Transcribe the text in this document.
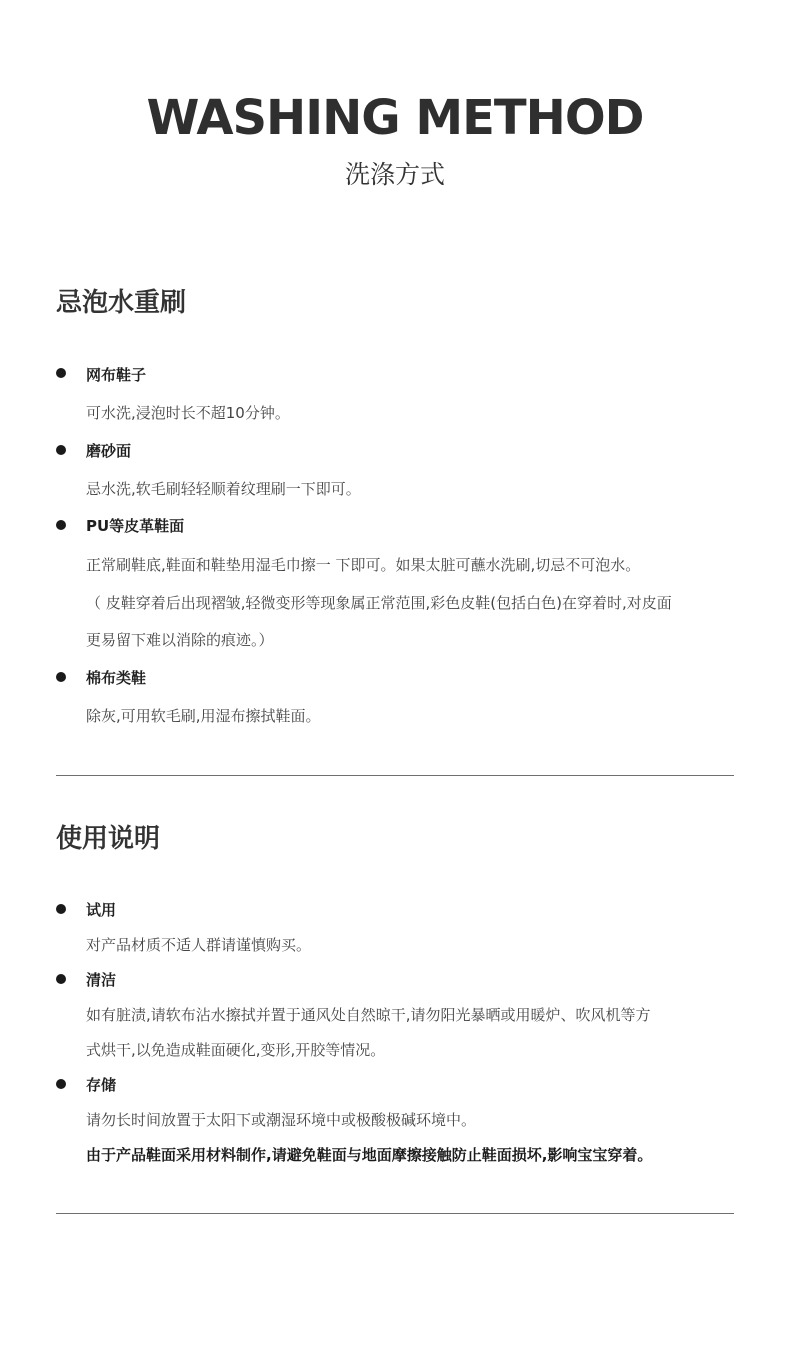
WASHING METHOD
洗涤方式
忌泡水重刷
网布鞋子
可水洗,浸泡时长不超10分钟。
磨砂面
忌水洗,软毛刷轻轻顺着纹理刷一下即可。
PU等皮革鞋面
正常刷鞋底,鞋面和鞋垫用湿毛巾擦一 下即可。如果太脏可蘸水洗刷,切忌不可泡水。
（ 皮鞋穿着后出现褶皱,轻微变形等现象属正常范围,彩色皮鞋(包括白色)在穿着时,对皮面
更易留下难以消除的痕迹。）
棉布类鞋
除灰,可用软毛刷,用湿布擦拭鞋面。
使用说明
试用
对产品材质不适人群请谨慎购买。
清洁
如有脏渍,请软布沾水擦拭并置于通风处自然晾干,请勿阳光暴晒或用暖炉、吹风机等方
式烘干,以免造成鞋面硬化,变形,开胶等情况。
存储
请勿长时间放置于太阳下或潮湿环境中或极酸极碱环境中。
由于产品鞋面采用材料制作,请避免鞋面与地面摩擦接触防止鞋面损坏,影响宝宝穿着。
